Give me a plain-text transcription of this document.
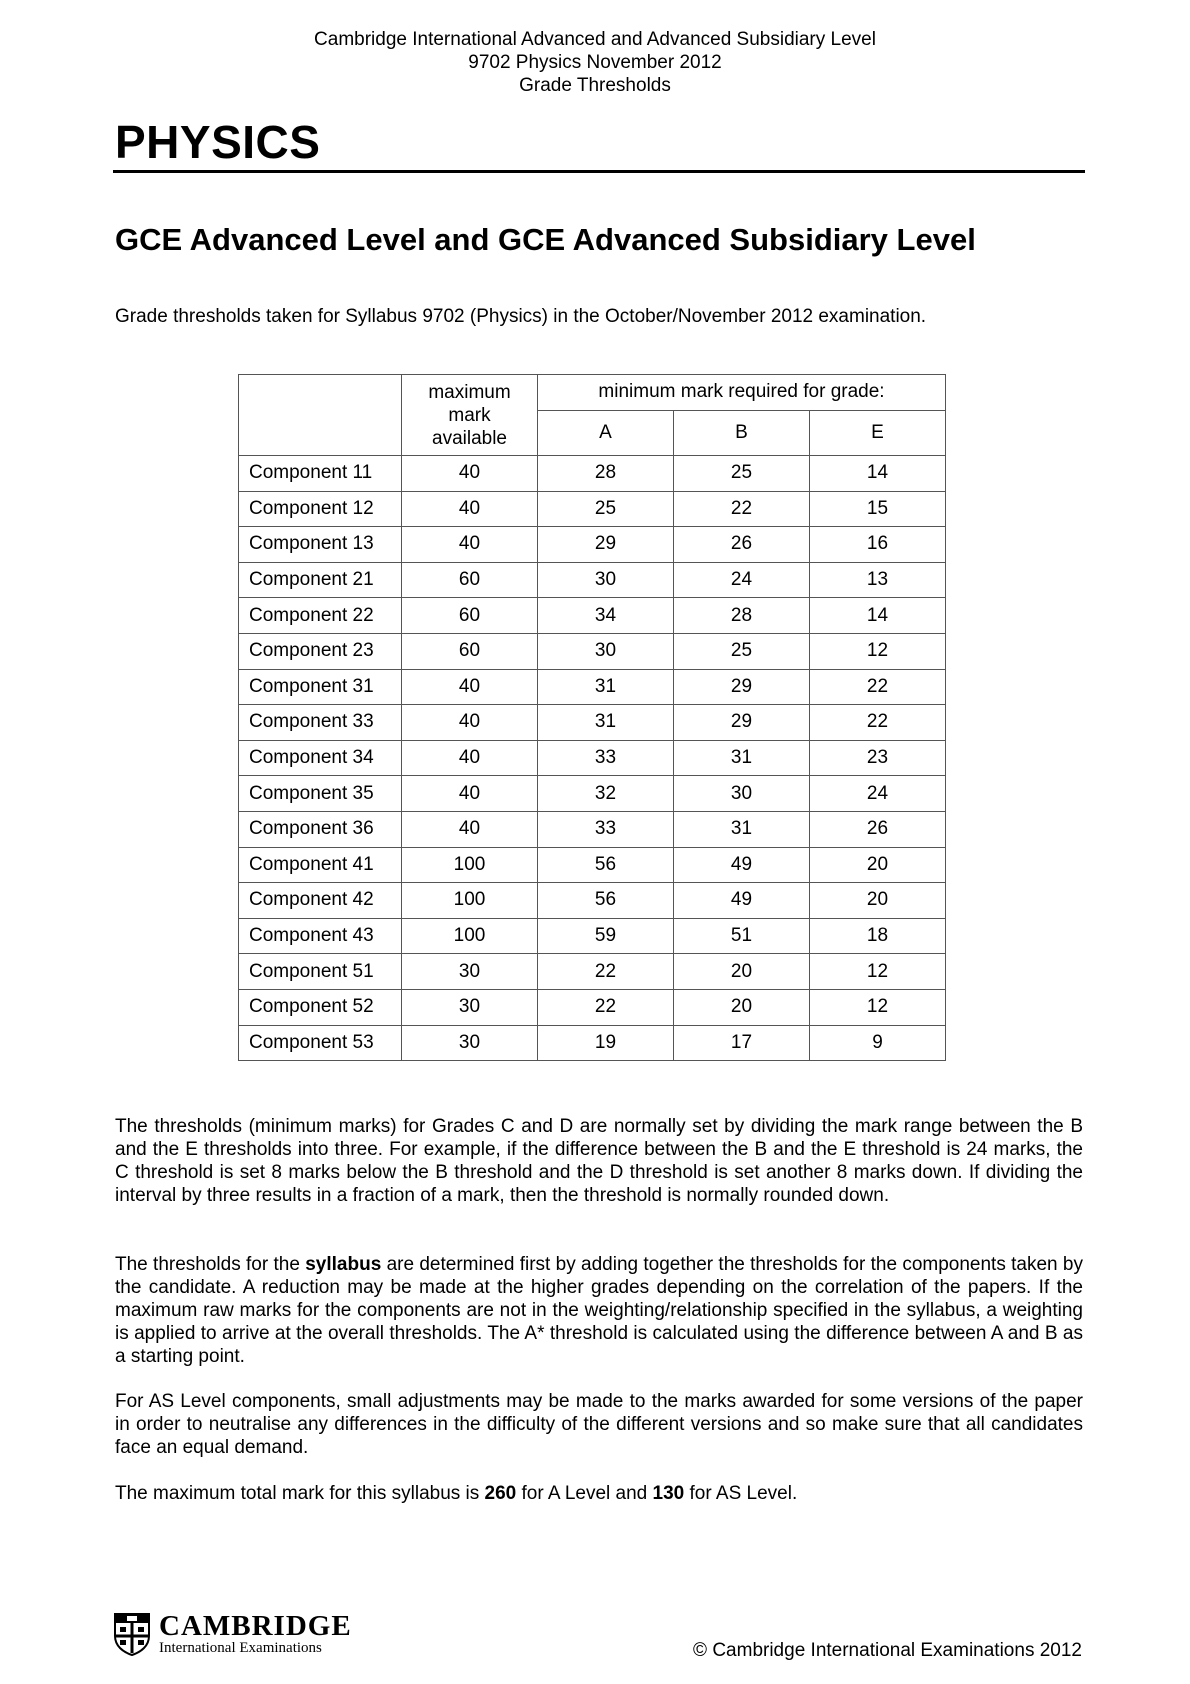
Cambridge International Advanced and Advanced Subsidiary Level
9702 Physics November 2012
Grade Thresholds
PHYSICS
GCE Advanced Level and GCE Advanced Subsidiary Level
Grade thresholds taken for Syllabus 9702 (Physics) in the October/November 2012 examination.

	maximum mark available	minimum mark required for grade:		
		A	B	E
Component 11	40	28	25	14
Component 12	40	25	22	15
Component 13	40	29	26	16
Component 21	60	30	24	13
Component 22	60	34	28	14
Component 23	60	30	25	12
Component 31	40	31	29	22
Component 33	40	31	29	22
Component 34	40	33	31	23
Component 35	40	32	30	24
Component 36	40	33	31	26
Component 41	100	56	49	20
Component 42	100	56	49	20
Component 43	100	59	51	18
Component 51	30	22	20	12
Component 52	30	22	20	12
Component 53	30	19	17	9
The thresholds (minimum marks) for Grades C and D are normally set by dividing the mark range between the B and the E thresholds into three. For example, if the difference between the B and the E threshold is 24 marks, the C threshold is set 8 marks below the B threshold and the D threshold is set another 8 marks down. If dividing the interval by three results in a fraction of a mark, then the threshold is normally rounded down.
The thresholds for the syllabus are determined first by adding together the thresholds for the components taken by the candidate. A reduction may be made at the higher grades depending on the correlation of the papers. If the maximum raw marks for the components are not in the weighting/relationship specified in the syllabus, a weighting is applied to arrive at the overall thresholds. The A* threshold is calculated using the difference between A and B as a starting point.
For AS Level components, small adjustments may be made to the marks awarded for some versions of the paper in order to neutralise any differences in the difficulty of the different versions and so make sure that all candidates face an equal demand.
The maximum total mark for this syllabus is 260 for A Level and 130 for AS Level.
CAMBRIDGE
International Examinations	© Cambridge International Examinations 2012
